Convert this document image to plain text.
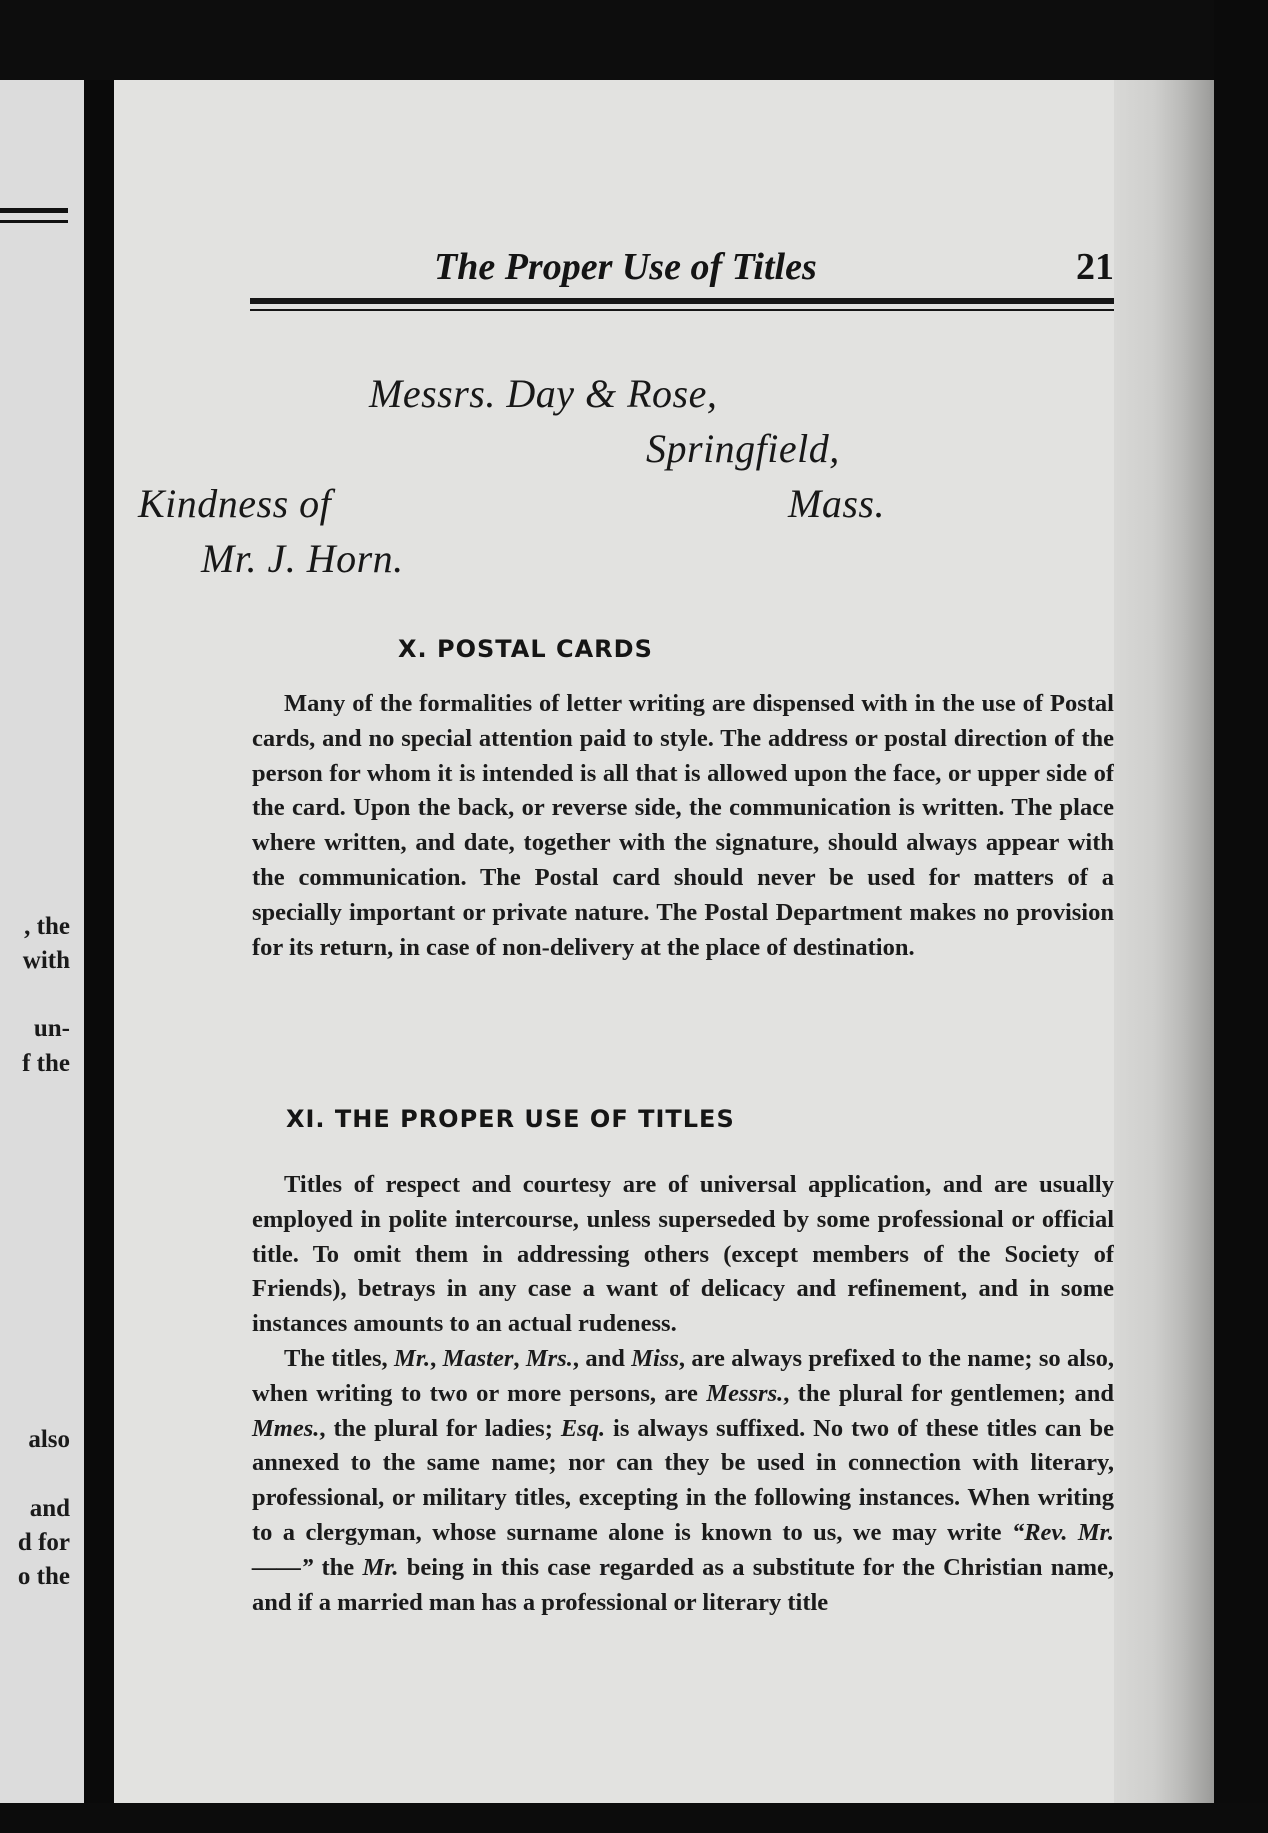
, the
with
un-
f the
also
and
d for
o the
The Proper Use of Titles	21
Messrs. Day & Rose,
Springfield,
Kindness of	Mass.
Mr. J. Horn.
X. POSTAL CARDS

Many of the formalities of letter writing are dispensed with in the use of Postal cards, and no special attention paid to style. The address or postal direction of the person for whom it is intended is all that is allowed upon the face, or upper side of the card. Upon the back, or reverse side, the communication is written. The place where written, and date, together with the signature, should always appear with the communication. The Postal card should never be used for matters of a specially important or private nature. The Postal Department makes no provision for its return, in case of non-delivery at the place of destination.

XI. THE PROPER USE OF TITLES

Titles of respect and courtesy are of universal application, and are usually employed in polite intercourse, unless superseded by some professional or official title. To omit them in addressing others (except members of the Society of Friends), betrays in any case a want of delicacy and refinement, and in some instances amounts to an actual rudeness.

The titles, Mr., Master, Mrs., and Miss, are always prefixed to the name; so also, when writing to two or more persons, are Messrs., the plural for gentlemen; and Mmes., the plural for ladies; Esq. is always suffixed. No two of these titles can be annexed to the same name; nor can they be used in connection with literary, professional, or military titles, excepting in the following instances. When writing to a clergyman, whose surname alone is known to us, we may write “Rev. Mr. ——” the Mr. being in this case regarded as a substitute for the Christian name, and if a married man has a professional or literary title
